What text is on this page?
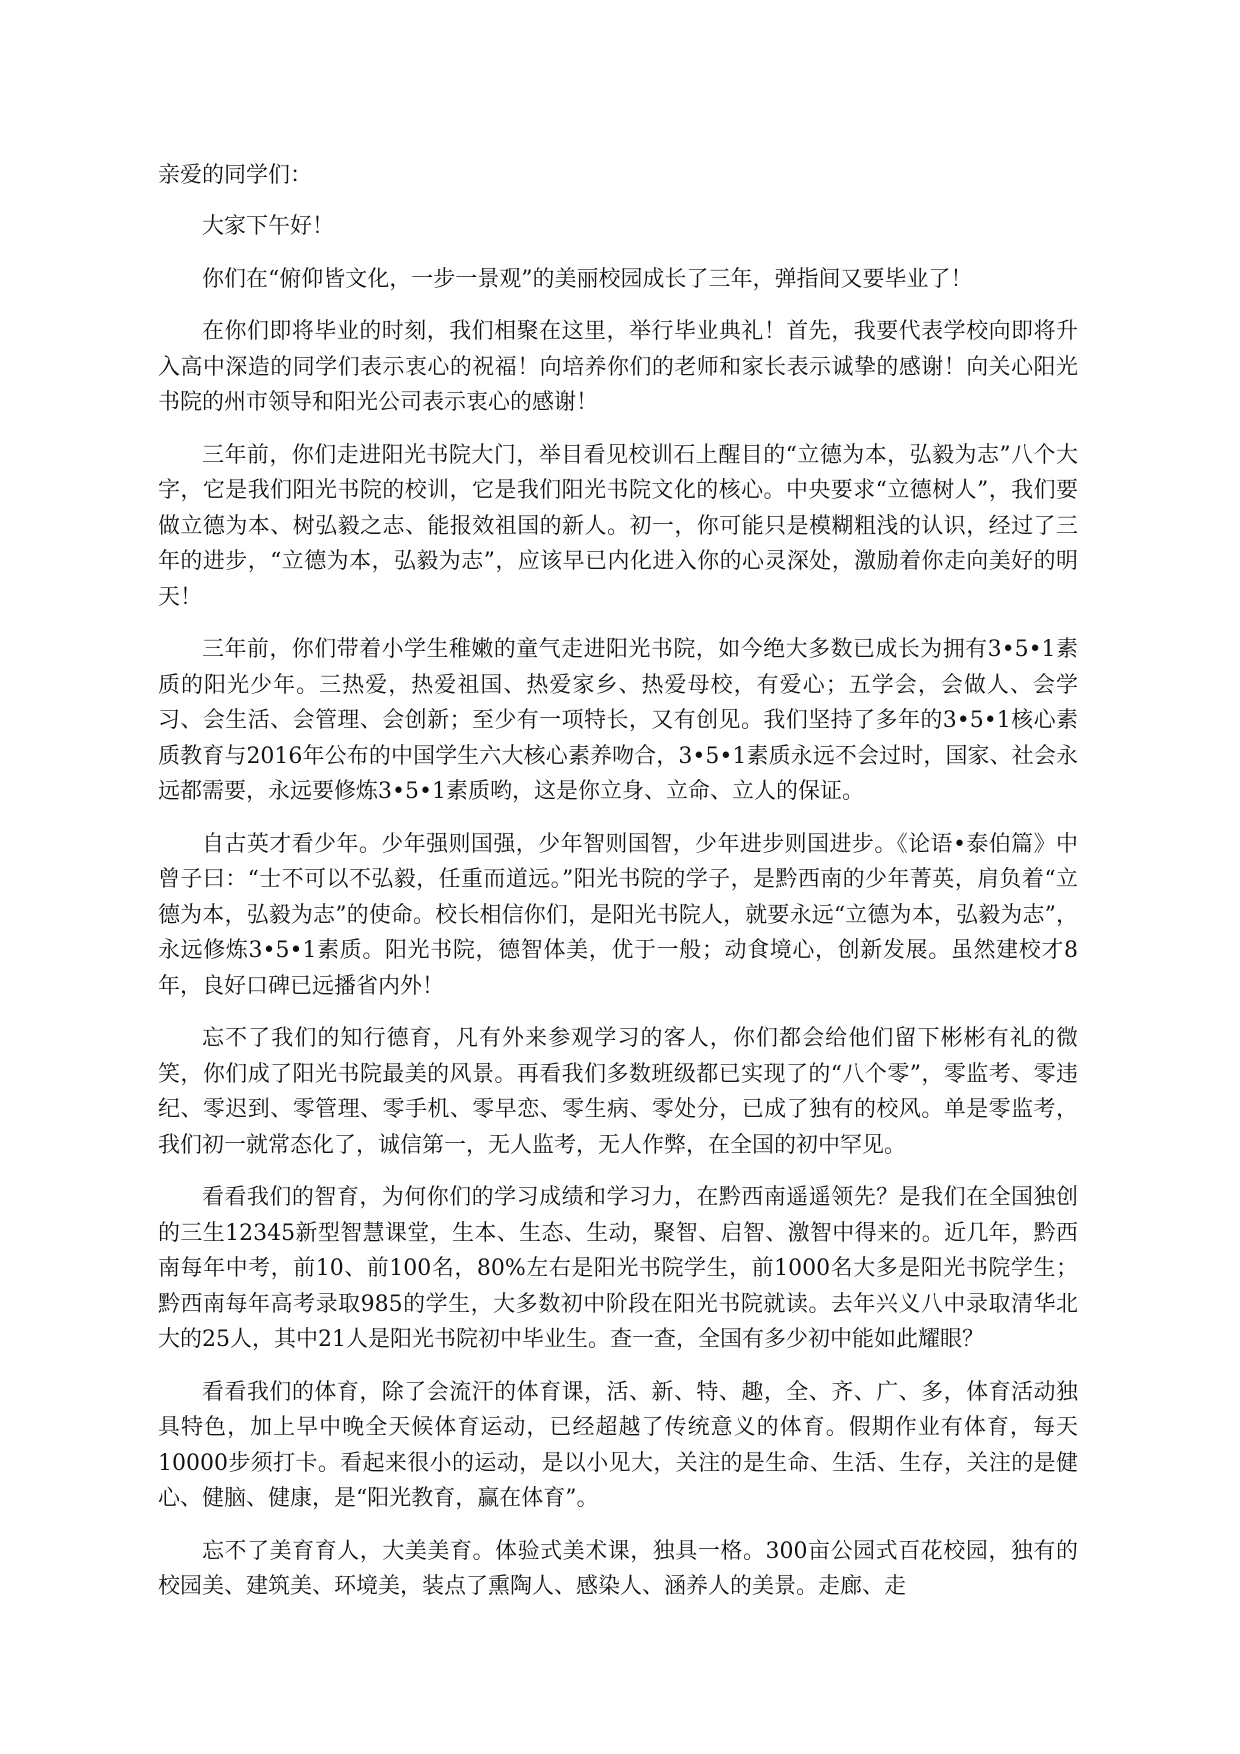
亲爱的同学们：

大家下午好！

你们在“俯仰皆文化，一步一景观”的美丽校园成长了三年，弹指间又要毕业了！

在你们即将毕业的时刻，我们相聚在这里，举行毕业典礼！首先，我要代表学校向即将升入高中深造的同学们表示衷心的祝福！向培养你们的老师和家长表示诚挚的感谢！向关心阳光书院的州市领导和阳光公司表示衷心的感谢！

三年前，你们走进阳光书院大门，举目看见校训石上醒目的“立德为本，弘毅为志”八个大字，它是我们阳光书院的校训，它是我们阳光书院文化的核心。中央要求“立德树人”，我们要做立德为本、树弘毅之志、能报效祖国的新人。初一，你可能只是模糊粗浅的认识，经过了三年的进步，“立德为本，弘毅为志”，应该早已内化进入你的心灵深处，激励着你走向美好的明天！

三年前，你们带着小学生稚嫩的童气走进阳光书院，如今绝大多数已成长为拥有3•5•1素质的阳光少年。三热爱，热爱祖国、热爱家乡、热爱母校，有爱心；五学会，会做人、会学习、会生活、会管理、会创新；至少有一项特长，又有创见。我们坚持了多年的3•5•1核心素质教育与2016年公布的中国学生六大核心素养吻合，3•5•1素质永远不会过时，国家、社会永远都需要，永远要修炼3•5•1素质哟，这是你立身、立命、立人的保证。

自古英才看少年。少年强则国强，少年智则国智，少年进步则国进步。《论语•泰伯篇》中曾子曰：“士不可以不弘毅，任重而道远。”阳光书院的学子，是黔西南的少年菁英，肩负着“立德为本，弘毅为志”的使命。校长相信你们，是阳光书院人，就要永远“立德为本，弘毅为志”，永远修炼3•5•1素质。阳光书院，德智体美，优于一般；动食境心，创新发展。虽然建校才8年，良好口碑已远播省内外！

忘不了我们的知行德育，凡有外来参观学习的客人，你们都会给他们留下彬彬有礼的微笑，你们成了阳光书院最美的风景。再看我们多数班级都已实现了的“八个零”，零监考、零违纪、零迟到、零管理、零手机、零早恋、零生病、零处分，已成了独有的校风。单是零监考，我们初一就常态化了，诚信第一，无人监考，无人作弊，在全国的初中罕见。

看看我们的智育，为何你们的学习成绩和学习力，在黔西南遥遥领先？是我们在全国独创的三生12345新型智慧课堂，生本、生态、生动，聚智、启智、激智中得来的。近几年，黔西南每年中考，前10、前100名，80%左右是阳光书院学生，前1000名大多是阳光书院学生；黔西南每年高考录取985的学生，大多数初中阶段在阳光书院就读。去年兴义八中录取清华北大的25人，其中21人是阳光书院初中毕业生。查一查，全国有多少初中能如此耀眼？

看看我们的体育，除了会流汗的体育课，活、新、特、趣，全、齐、广、多，体育活动独具特色，加上早中晚全天候体育运动，已经超越了传统意义的体育。假期作业有体育，每天10000步须打卡。看起来很小的运动，是以小见大，关注的是生命、生活、生存，关注的是健心、健脑、健康，是“阳光教育，赢在体育”。

忘不了美育育人，大美美育。体验式美术课，独具一格。300亩公园式百花校园，独有的校园美、建筑美、环境美，装点了熏陶人、感染人、涵养人的美景。走廊、走
